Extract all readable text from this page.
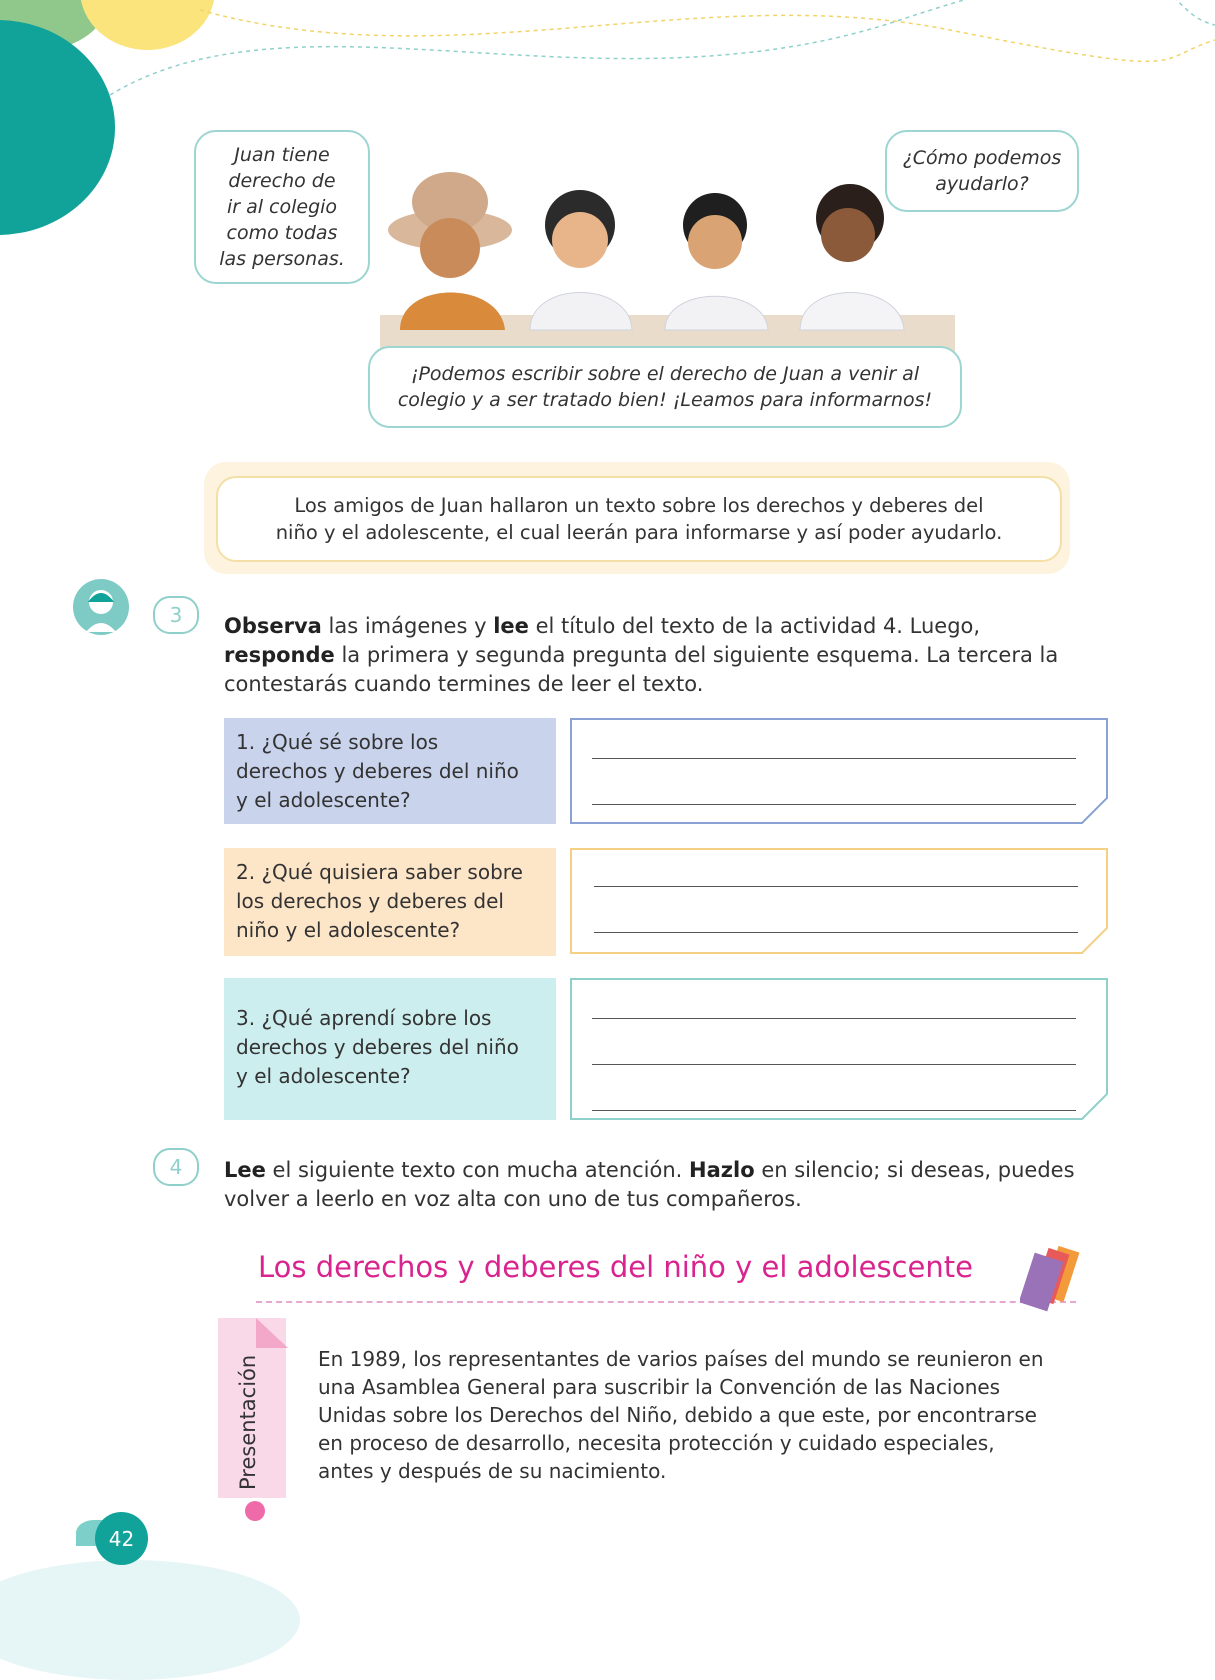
Juan tiene
derecho de
ir al colegio
como todas
las personas.
¿Cómo podemos
ayudarlo?
¡Podemos escribir sobre el derecho de Juan a venir al
colegio y a ser tratado bien! ¡Leamos para informarnos!
Los amigos de Juan hallaron un texto sobre los derechos y deberes del
niño y el adolescente, el cual leerán para informarse y así poder ayudarlo.
3	Observa las imágenes y lee el título del texto de la actividad 4. Luego,
responde la primera y segunda pregunta del siguiente esquema. La tercera la
contestarás cuando termines de leer el texto.
1. ¿Qué sé sobre los
derechos y deberes del niño
y el adolescente?
2. ¿Qué quisiera saber sobre
los derechos y deberes del
niño y el adolescente?
3. ¿Qué aprendí sobre los
derechos y deberes del niño
y el adolescente?
4	Lee el siguiente texto con mucha atención. Hazlo en silencio; si deseas, puedes
volver a leerlo en voz alta con uno de tus compañeros.
Los derechos y deberes del niño y el adolescente
Presentación	En 1989, los representantes de varios países del mundo se reunieron en
una Asamblea General para suscribir la Convención de las Naciones
Unidas sobre los Derechos del Niño, debido a que este, por encontrarse
en proceso de desarrollo, necesita protección y cuidado especiales,
antes y después de su nacimiento.
42
